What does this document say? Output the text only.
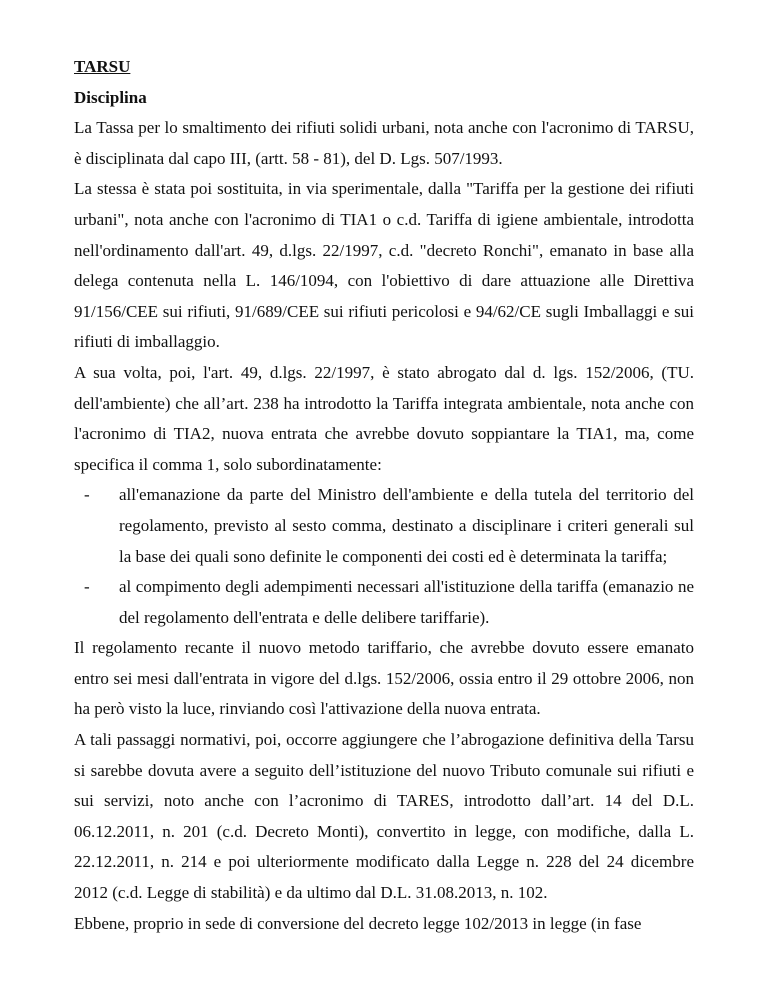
TARSU

Disciplina

La Tassa per lo smaltimento dei rifiuti solidi urbani, nota anche con l'acronimo di TARSU, è disciplinata dal capo III, (artt. 58 - 81), del D. Lgs. 507/1993.

La stessa è stata poi sostituita, in via sperimentale, dalla "Tariffa per la gestione dei rifiuti urbani", nota anche con l'acronimo di TIA1 o c.d. Tariffa di igiene ambientale, introdotta nell'ordinamento dall'art. 49, d.lgs. 22/1997, c.d. "decreto Ronchi", emanato in base alla delega contenuta nella L. 146/1094, con l'obiettivo di dare attuazione alle Direttiva 91/156/CEE sui rifiuti, 91/689/CEE sui rifiuti pericolosi e 94/62/CE sugli Imballaggi e sui rifiuti di imballaggio.

A sua volta, poi, l'art. 49, d.lgs. 22/1997, è stato abrogato dal d. lgs. 152/2006, (TU. dell'ambiente) che all’art. 238 ha introdotto la Tariffa integrata ambientale, nota anche con l'acronimo di TIA2, nuova entrata che avrebbe dovuto soppiantare la TIA1, ma, come specifica il comma 1, solo subordinatamente:

- all'emanazione da parte del Ministro dell'ambiente e della tutela del territorio del regolamento, previsto al sesto comma, destinato a disciplinare i criteri generali sul la base dei quali sono definite le componenti dei costi ed è determinata la tariffa;
- al compimento degli adempimenti necessari all'istituzione della tariffa (emanazio ne del regolamento dell'entrata e delle delibere tariffarie).

Il regolamento recante il nuovo metodo tariffario, che avrebbe dovuto essere emanato entro sei mesi dall'entrata in vigore del d.lgs. 152/2006, ossia entro il 29 ottobre 2006, non ha però visto la luce, rinviando così l'attivazione della nuova entrata.

A tali passaggi normativi, poi, occorre aggiungere che l’abrogazione definitiva della Tarsu si sarebbe dovuta avere a seguito dell’istituzione del nuovo Tributo comunale sui rifiuti e sui servizi, noto anche con l’acronimo di TARES, introdotto dall’art. 14 del D.L. 06.12.2011, n. 201 (c.d. Decreto Monti), convertito in legge, con modifiche, dalla L. 22.12.2011, n. 214 e poi ulteriormente modificato dalla Legge n. 228 del 24 dicembre 2012 (c.d. Legge di stabilità) e da ultimo dal D.L. 31.08.2013, n. 102.

Ebbene, proprio in sede di conversione del decreto legge 102/2013 in legge (in fase
